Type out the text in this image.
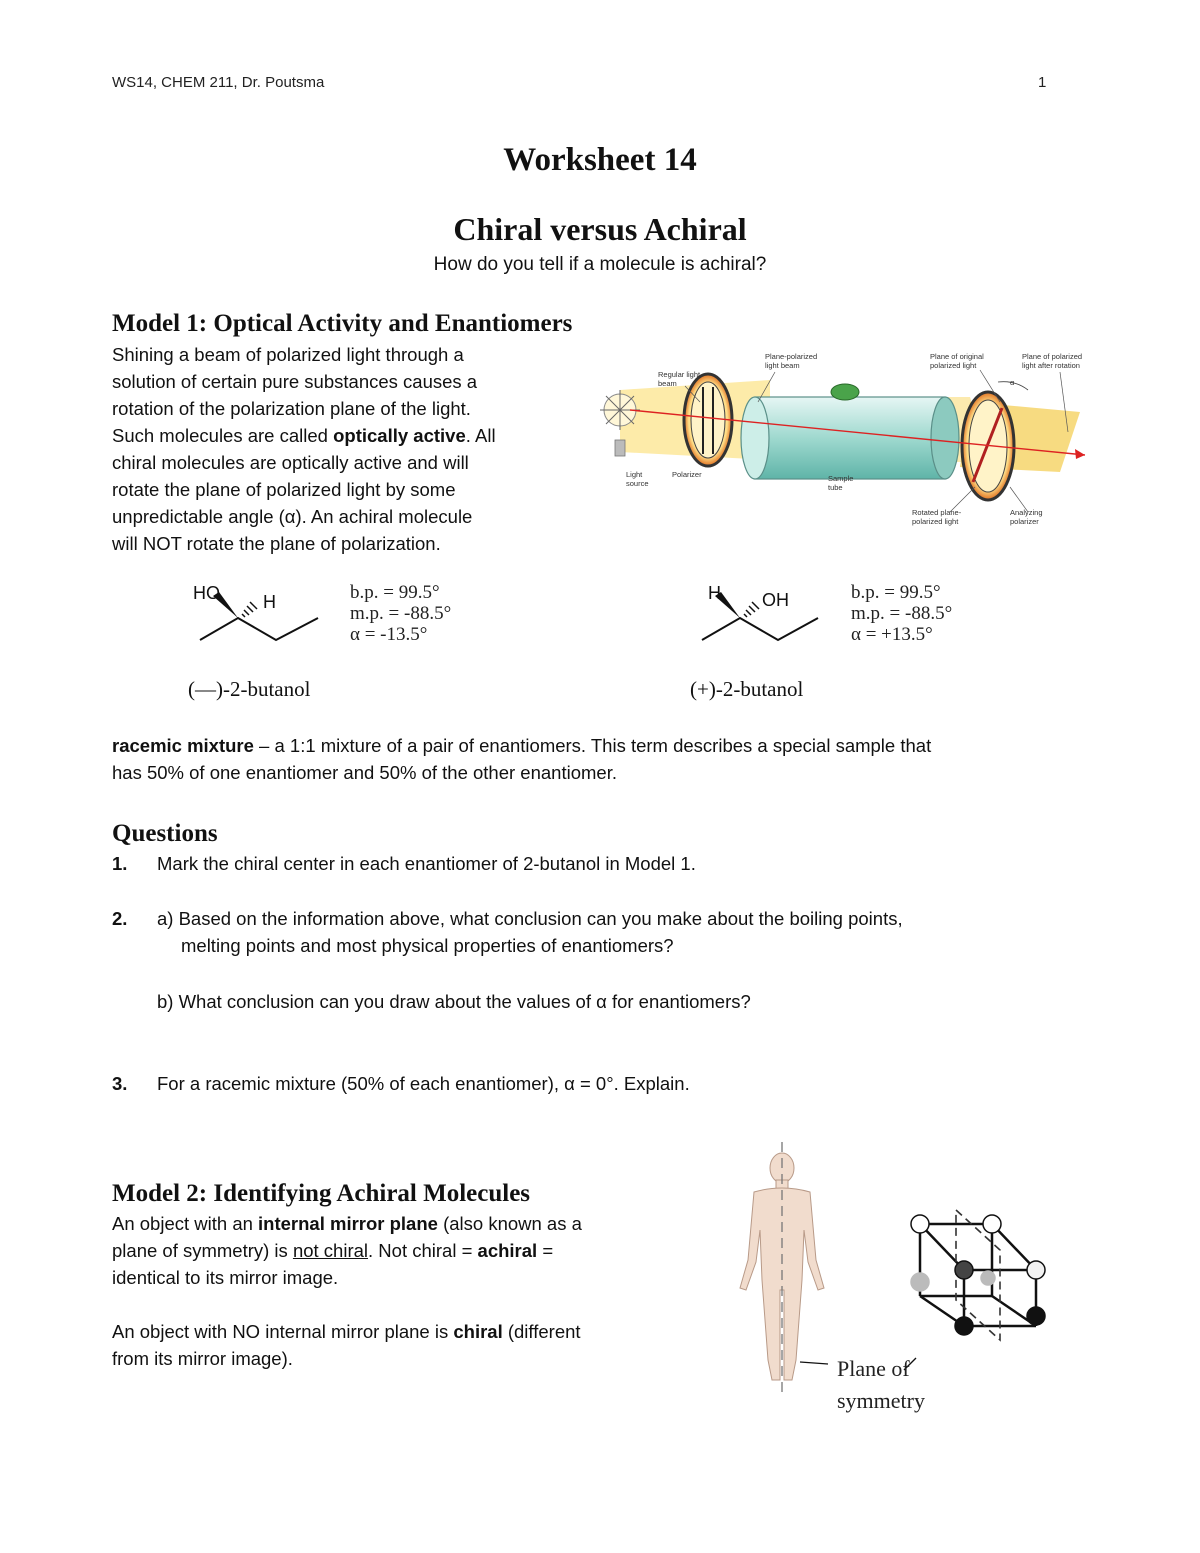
WS14, CHEM 211, Dr. Poutsma	1
Worksheet 14
Chiral versus Achiral
How do you tell if a molecule is achiral?
Model 1: Optical Activity and Enantiomers
Shining a beam of polarized light through a
solution of certain pure substances causes a
rotation of the polarization plane of the light.
Such molecules are called optically active. All
chiral molecules are optically active and will
rotate the plane of polarized light by some
unpredictable angle (α). An achiral molecule
will NOT rotate the plane of polarization.
Regular light beam
Plane-polarized light beam
Plane of original polarized light
Plane of polarized light after rotation
α
Light source
Polarizer	Sample tube
Rotated plane-polarized light
Analyzing polarizer
HO H	b.p. = 99.5°
m.p. = -88.5°
α = -13.5°
(—)-2-butanol
H OH	b.p. = 99.5°
m.p. = -88.5°
α = +13.5°
(+)-2-butanol
racemic mixture – a 1:1 mixture of a pair of enantiomers. This term describes a special sample that
has 50% of one enantiomer and 50% of the other enantiomer.
Questions
1. Mark the chiral center in each enantiomer of 2-butanol in Model 1.
2. a) Based on the information above, what conclusion can you make about the boiling points,
melting points and most physical properties of enantiomers?
b) What conclusion can you draw about the values of α for enantiomers?
3. For a racemic mixture (50% of each enantiomer), α = 0°. Explain.
Model 2: Identifying Achiral Molecules
An object with an internal mirror plane (also known as a
plane of symmetry) is not chiral. Not chiral = achiral =
identical to its mirror image.
An object with NO internal mirror plane is chiral (different
from its mirror image).	Plane of
symmetry
